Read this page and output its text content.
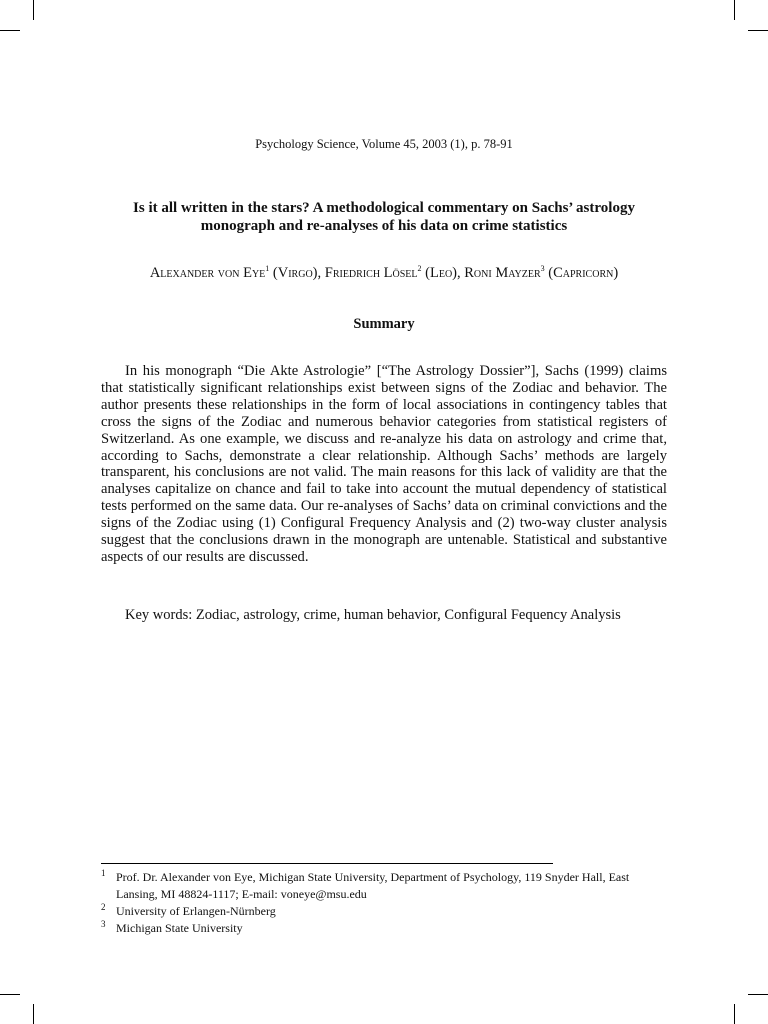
Psychology Science, Volume 45, 2003 (1), p. 78-91

Is it all written in the stars? A methodological commentary on Sachs’ astrology monograph and re-analyses of his data on crime statistics

Alexander von Eye$^1$ (Virgo), Friedrich Lösel$^2$ (Leo), Roni Mayzer$^3$ (Capricorn)

Summary

In his monograph “Die Akte Astrologie” [“The Astrology Dossier”], Sachs (1999) claims that statistically significant relationships exist between signs of the Zodiac and behavior. The author presents these relationships in the form of local associations in contingency tables that cross the signs of the Zodiac and numerous behavior categories from statistical registers of Switzerland. As one example, we discuss and re-analyze his data on astrology and crime that, according to Sachs, demonstrate a clear relationship. Although Sachs’ methods are largely transparent, his conclusions are not valid. The main reasons for this lack of validity are that the analyses capitalize on chance and fail to take into account the mutual dependency of statistical tests performed on the same data. Our re-analyses of Sachs’ data on criminal convictions and the signs of the Zodiac using (1) Configural Frequency Analysis and (2) two-way cluster analysis suggest that the conclusions drawn in the monograph are untenable. Statistical and substantive aspects of our results are discussed.

Key words: Zodiac, astrology, crime, human behavior, Configural Fequency Analysis

1 Prof. Dr. Alexander von Eye, Michigan State University, Department of Psychology, 119 Snyder Hall, East Lansing, MI 48824-1117; E-mail: voneye@msu.edu
2 University of Erlangen-Nürnberg
3 Michigan State University
